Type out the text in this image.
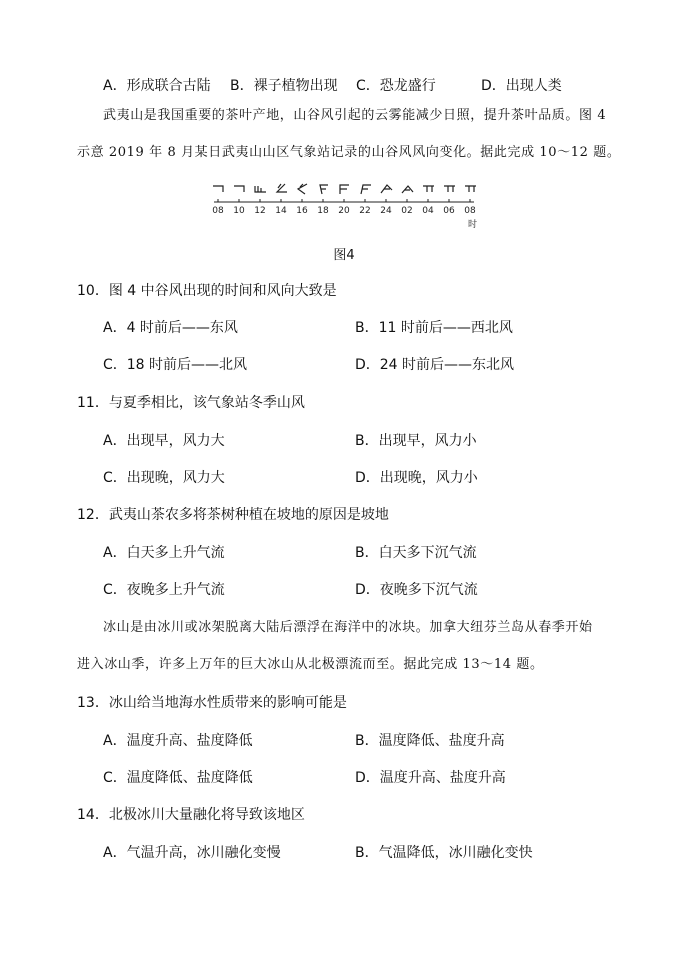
A．形成联合古陆 B．裸子植物出现 C．恐龙盛行	D．出现人类
武夷山是我国重要的茶叶产地，山谷风引起的云雾能减少日照，提升茶叶品质。图 4
示意 2019 年 8 月某日武夷山山区气象站记录的山谷风风向变化。据此完成 10～12 题。
08 10 12 14 16 18 20 22 24 02 04 06 08
时
图4
10．图 4 中谷风出现的时间和风向大致是
A．4 时前后——东风	B．11 时前后——西北风
C．18 时前后——北风	D．24 时前后——东北风
11．与夏季相比，该气象站冬季山风
A．出现早，风力大	B．出现早，风力小
C．出现晚，风力大	D．出现晚，风力小
12．武夷山茶农多将茶树种植在坡地的原因是坡地
A．白天多上升气流	B．白天多下沉气流
C．夜晚多上升气流	D．夜晚多下沉气流
冰山是由冰川或冰架脱离大陆后漂浮在海洋中的冰块。加拿大纽芬兰岛从春季开始
进入冰山季，许多上万年的巨大冰山从北极漂流而至。据此完成 13～14 题。
13．冰山给当地海水性质带来的影响可能是
A．温度升高、盐度降低	B．温度降低、盐度升高
C．温度降低、盐度降低	D．温度升高、盐度升高
14．北极冰川大量融化将导致该地区
A．气温升高，冰川融化变慢	B．气温降低，冰川融化变快
